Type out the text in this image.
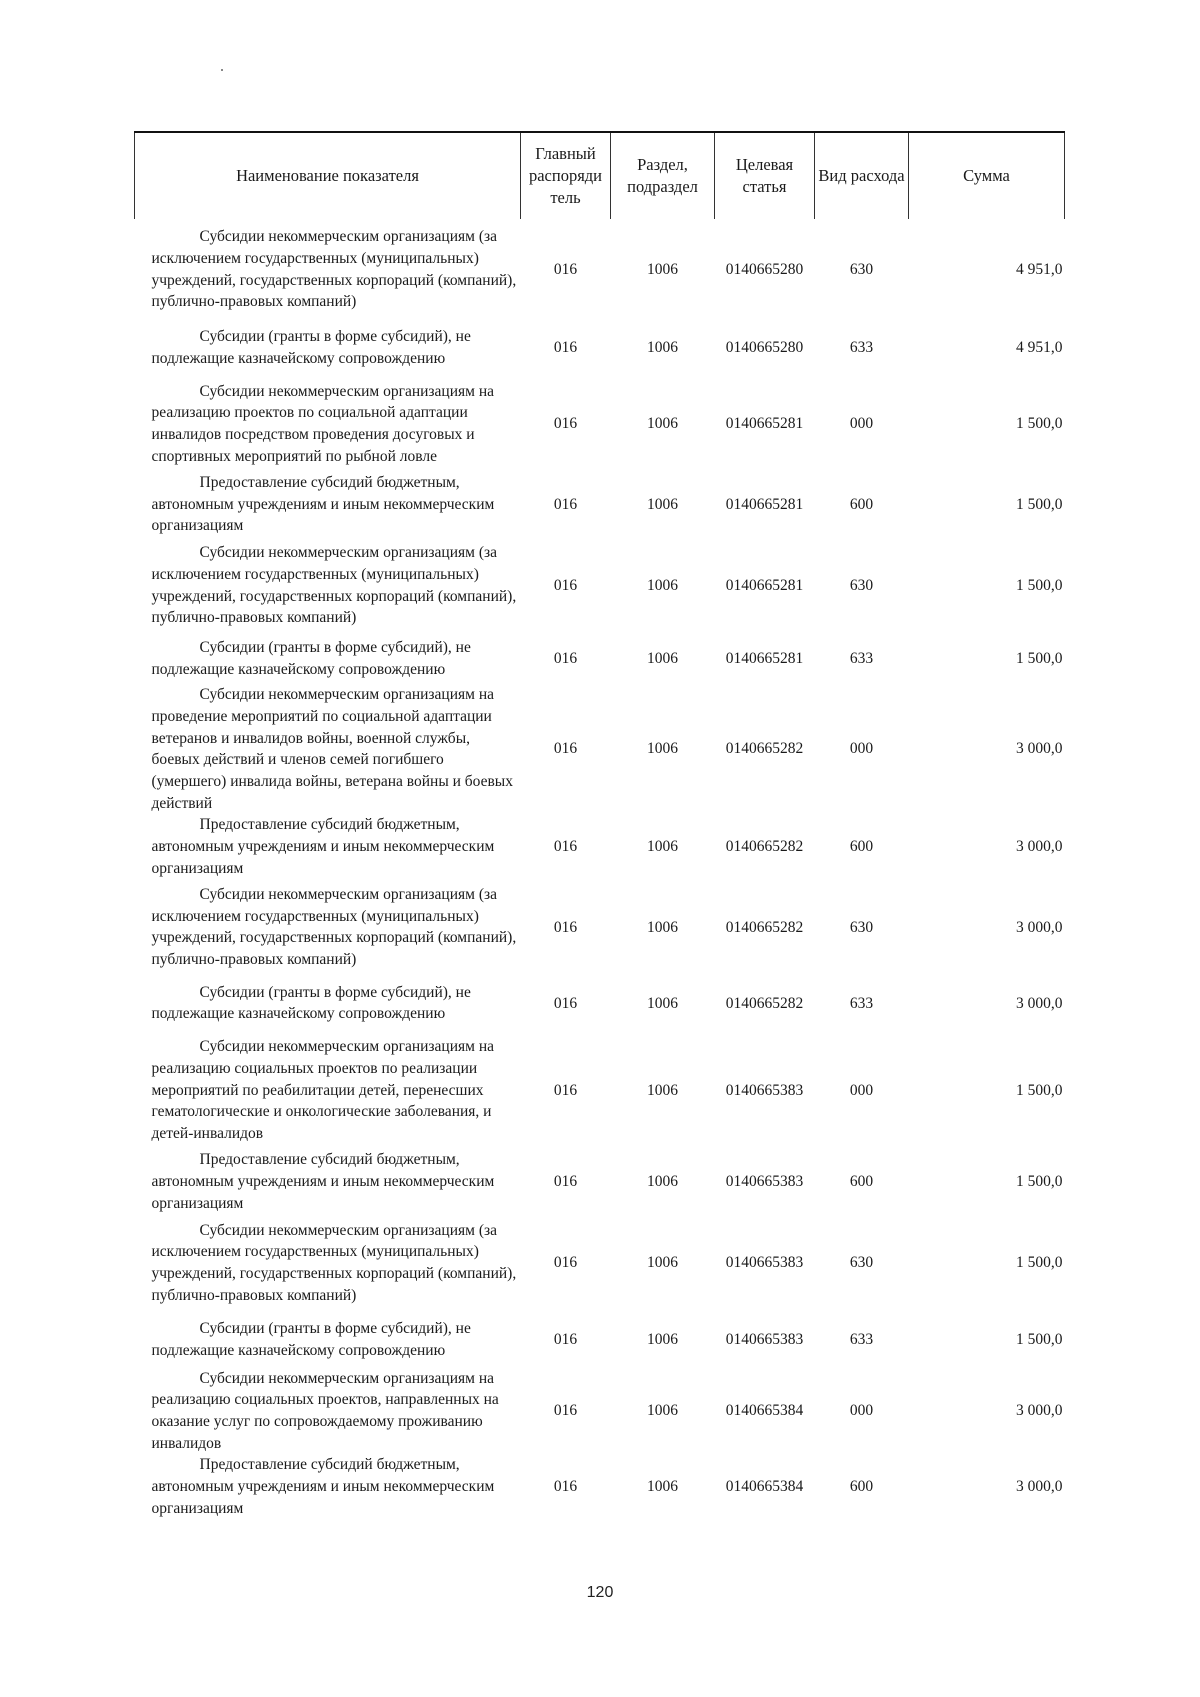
Наименование показателя	Главный распоряди тель	Раздел, подраздел	Целевая статья	Вид расхода	Сумма
Субсидии некоммерческим организациям (за исключением государственных (муниципальных) учреждений, государственных корпораций (компаний), публично-правовых компаний)	016	1006	0140665280	630	4 951,0
Субсидии (гранты в форме субсидий), не подлежащие казначейскому сопровождению	016	1006	0140665280	633	4 951,0
Субсидии некоммерческим организациям на реализацию проектов по социальной адаптации инвалидов посредством проведения досуговых и спортивных мероприятий по рыбной ловле	016	1006	0140665281	000	1 500,0
Предоставление субсидий бюджетным, автономным учреждениям и иным некоммерческим организациям	016	1006	0140665281	600	1 500,0
Субсидии некоммерческим организациям (за исключением государственных (муниципальных) учреждений, государственных корпораций (компаний), публично-правовых компаний)	016	1006	0140665281	630	1 500,0
Субсидии (гранты в форме субсидий), не подлежащие казначейскому сопровождению	016	1006	0140665281	633	1 500,0
Субсидии некоммерческим организациям на проведение мероприятий по социальной адаптации ветеранов и инвалидов войны, военной службы, боевых действий и членов семей погибшего (умершего) инвалида войны, ветерана войны и боевых действий	016	1006	0140665282	000	3 000,0
Предоставление субсидий бюджетным, автономным учреждениям и иным некоммерческим организациям	016	1006	0140665282	600	3 000,0
Субсидии некоммерческим организациям (за исключением государственных (муниципальных) учреждений, государственных корпораций (компаний), публично-правовых компаний)	016	1006	0140665282	630	3 000,0
Субсидии (гранты в форме субсидий), не подлежащие казначейскому сопровождению	016	1006	0140665282	633	3 000,0
Субсидии некоммерческим организациям на реализацию социальных проектов по реализации мероприятий по реабилитации детей, перенесших гематологические и онкологические заболевания, и детей-инвалидов	016	1006	0140665383	000	1 500,0
Предоставление субсидий бюджетным, автономным учреждениям и иным некоммерческим организациям	016	1006	0140665383	600	1 500,0
Субсидии некоммерческим организациям (за исключением государственных (муниципальных) учреждений, государственных корпораций (компаний), публично-правовых компаний)	016	1006	0140665383	630	1 500,0
Субсидии (гранты в форме субсидий), не подлежащие казначейскому сопровождению	016	1006	0140665383	633	1 500,0
Субсидии некоммерческим организациям на реализацию социальных проектов, направленных на оказание услуг по сопровождаемому проживанию инвалидов	016	1006	0140665384	000	3 000,0
Предоставление субсидий бюджетным, автономным учреждениям и иным некоммерческим организациям	016	1006	0140665384	600	3 000,0
120
